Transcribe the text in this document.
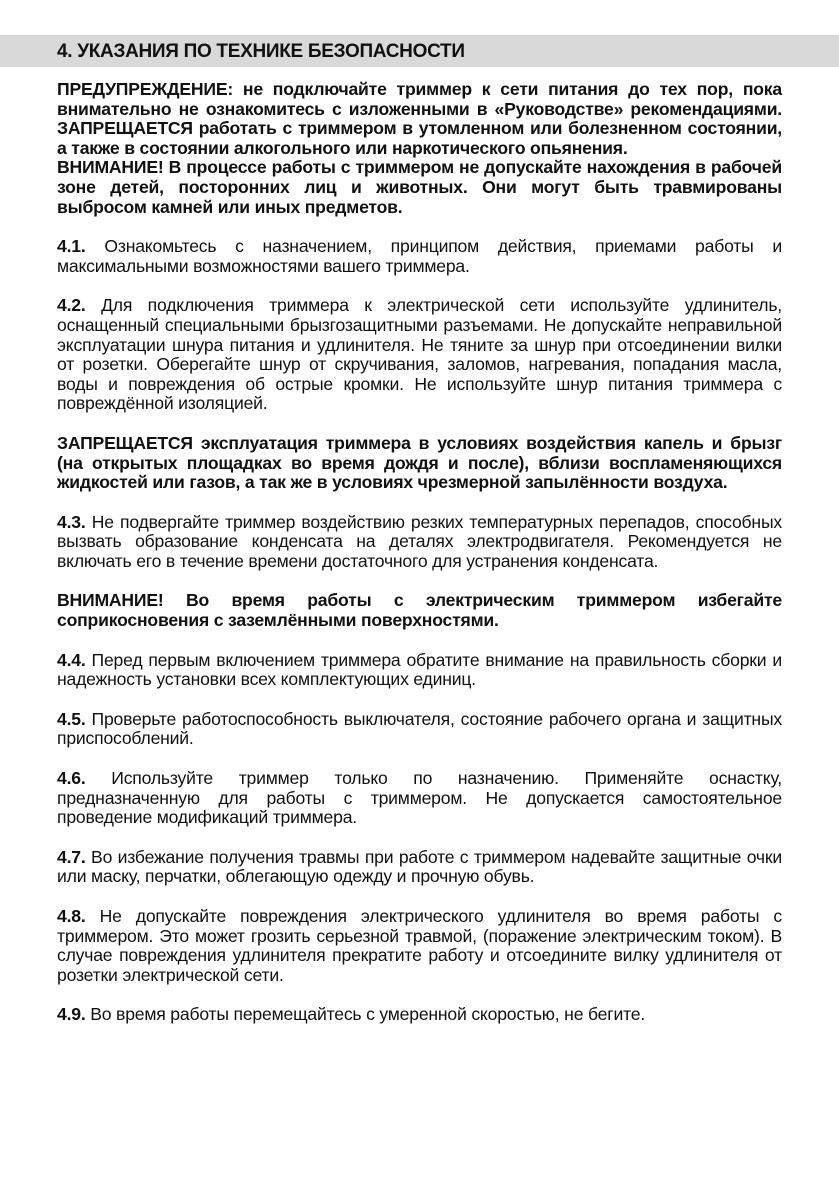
4. УКАЗАНИЯ ПО ТЕХНИКЕ БЕЗОПАСНОСТИ

ПРЕДУПРЕЖДЕНИЕ: не подключайте триммер к сети питания до тех пор, пока внимательно не ознакомитесь с изложенными в «Руководстве» рекомендациями. ЗАПРЕЩАЕТСЯ работать с триммером в утомленном или болезненном состоянии, а также в состоянии алкогольного или наркотического опьянения.

ВНИМАНИЕ! В процессе работы с триммером не допускайте нахождения в рабочей зоне детей, посторонних лиц и животных. Они могут быть травмированы выбросом камней или иных предметов.

4.1. Ознакомьтесь с назначением, принципом действия, приемами работы и максимальными возможностями вашего триммера.

4.2. Для подключения триммера к электрической сети используйте удлинитель, оснащенный специальными брызгозащитными разъемами. Не допускайте неправильной эксплуатации шнура питания и удлинителя. Не тяните за шнур при отсоединении вилки от розетки. Оберегайте шнур от скручивания, заломов, нагревания, попадания масла, воды и повреждения об острые кромки. Не используйте шнур питания триммера с повреждённой изоляцией.

ЗАПРЕЩАЕТСЯ эксплуатация триммера в условиях воздействия капель и брызг (на открытых площадках во время дождя и после), вблизи воспламеняющихся жидкостей или газов, а так же в условиях чрезмерной запылённости воздуха.

4.3. Не подвергайте триммер воздействию резких температурных перепадов, способных вызвать образование конденсата на деталях электродвигателя. Рекомендуется не включать его в течение времени достаточного для устранения конденсата.

ВНИМАНИЕ! Во время работы с электрическим триммером избегайте соприкосновения с заземлёнными поверхностями.

4.4. Перед первым включением триммера обратите внимание на правильность сборки и надежность установки всех комплектующих единиц.

4.5. Проверьте работоспособность выключателя, состояние рабочего органа и защитных приспособлений.

4.6. Используйте триммер только по назначению. Применяйте оснастку, предназначенную для работы с триммером. Не допускается самостоятельное проведение модификаций триммера.

4.7. Во избежание получения травмы при работе с триммером надевайте защитные очки или маску, перчатки, облегающую одежду и прочную обувь.

4.8. Не допускайте повреждения электрического удлинителя во время работы с триммером. Это может грозить серьезной травмой, (поражение электрическим током). В случае повреждения удлинителя прекратите работу и отсоедините вилку удлинителя от розетки электрической сети.

4.9. Во время работы перемещайтесь с умеренной скоростью, не бегите.
